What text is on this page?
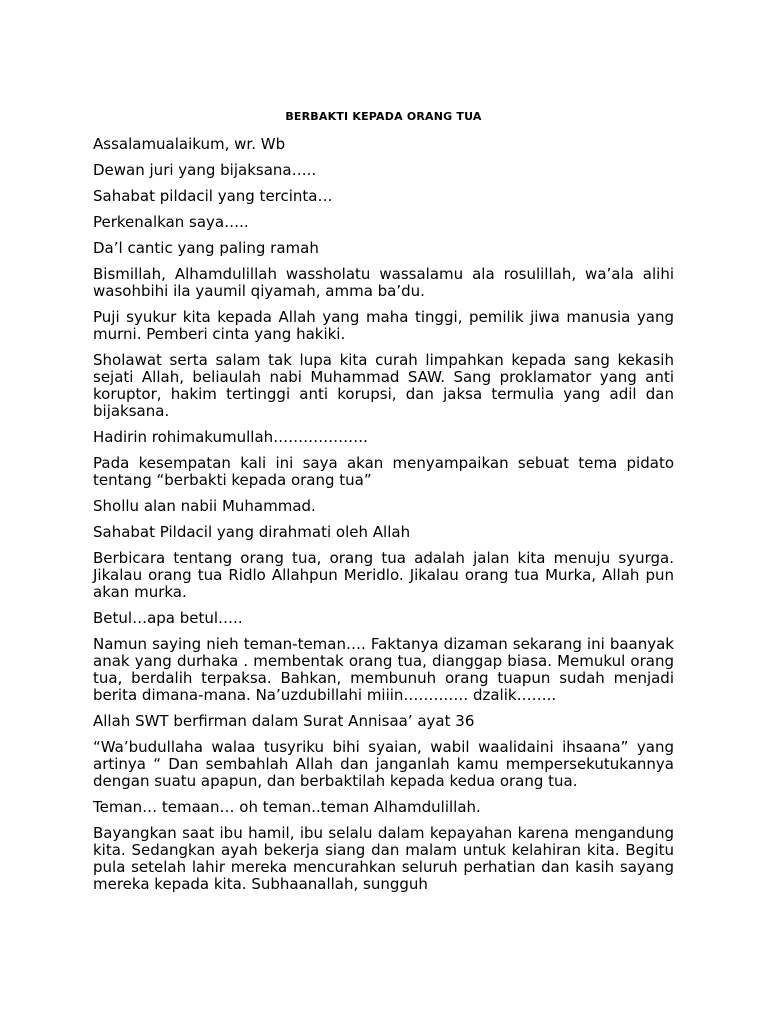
BERBAKTI KEPADA ORANG TUA

Assalamualaikum, wr. Wb

Dewan juri yang bijaksana…..

Sahabat pildacil yang tercinta…

Perkenalkan saya…..

Da’l cantic yang paling ramah

Bismillah, Alhamdulillah wassholatu wassalamu ala rosulillah, wa’ala alihi wasohbihi ila yaumil qiyamah, amma ba’du.

Puji syukur kita kepada Allah yang maha tinggi, pemilik jiwa manusia yang murni. Pemberi cinta yang hakiki.

Sholawat serta salam tak lupa kita curah limpahkan kepada sang kekasih sejati Allah, beliaulah nabi Muhammad SAW. Sang proklamator yang anti koruptor, hakim tertinggi anti korupsi, dan jaksa termulia yang adil dan bijaksana.

Hadirin rohimakumullah……………….

Pada kesempatan kali ini saya akan menyampaikan sebuat tema pidato tentang “berbakti kepada orang tua”

Shollu alan nabii Muhammad.

Sahabat Pildacil yang dirahmati oleh Allah

Berbicara tentang orang tua, orang tua adalah jalan kita menuju syurga. Jikalau orang tua Ridlo Allahpun Meridlo. Jikalau orang tua Murka, Allah pun akan murka.

Betul…apa betul…..

Namun saying nieh teman-teman…. Faktanya dizaman sekarang ini baanyak anak yang durhaka . membentak orang tua, dianggap biasa. Memukul orang tua, berdalih terpaksa. Bahkan, membunuh orang tuapun sudah menjadi berita dimana-mana. Na’uzdubillahi miiin…………. dzalik……..

Allah SWT berfirman dalam Surat Annisaa’ ayat 36

“Wa’budullaha walaa tusyriku bihi syaian, wabil waalidaini ihsaana” yang artinya “ Dan sembahlah Allah dan janganlah kamu mempersekutukannya dengan suatu apapun, dan berbaktilah kepada kedua orang tua.

Teman… temaan… oh teman..teman Alhamdulillah.

Bayangkan saat ibu hamil, ibu selalu dalam kepayahan karena mengandung kita. Sedangkan ayah bekerja siang dan malam untuk kelahiran kita. Begitu pula setelah lahir mereka mencurahkan seluruh perhatian dan kasih sayang mereka kepada kita. Subhaanallah, sungguh
